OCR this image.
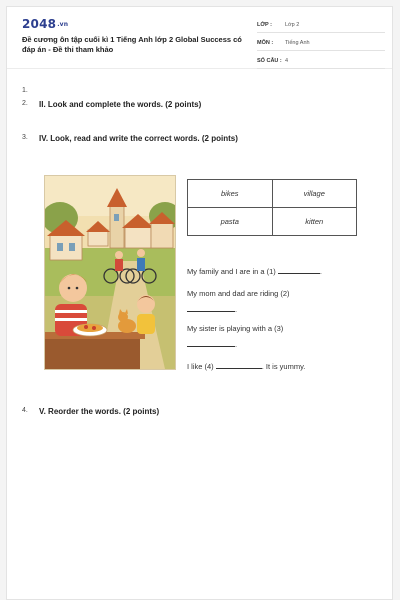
2048.vn
Đề cương ôn tập cuối kì 1 Tiếng Anh lớp 2 Global Success có đáp án - Đề thi tham khảo
LỚP : Lớp 2
MÔN : Tiếng Anh
SỐ CÂU : 4
1.
2. II. Look and complete the words. (2 points)
3. IV. Look, read and write the correct words. (2 points)
bikes	village
pasta	kitten
My family and I are in a (1)	.
My mom and dad are riding (2)
.
My sister is playing with a (3)
.
I like (4)	. It is yummy.
4. V. Reorder the words. (2 points)
